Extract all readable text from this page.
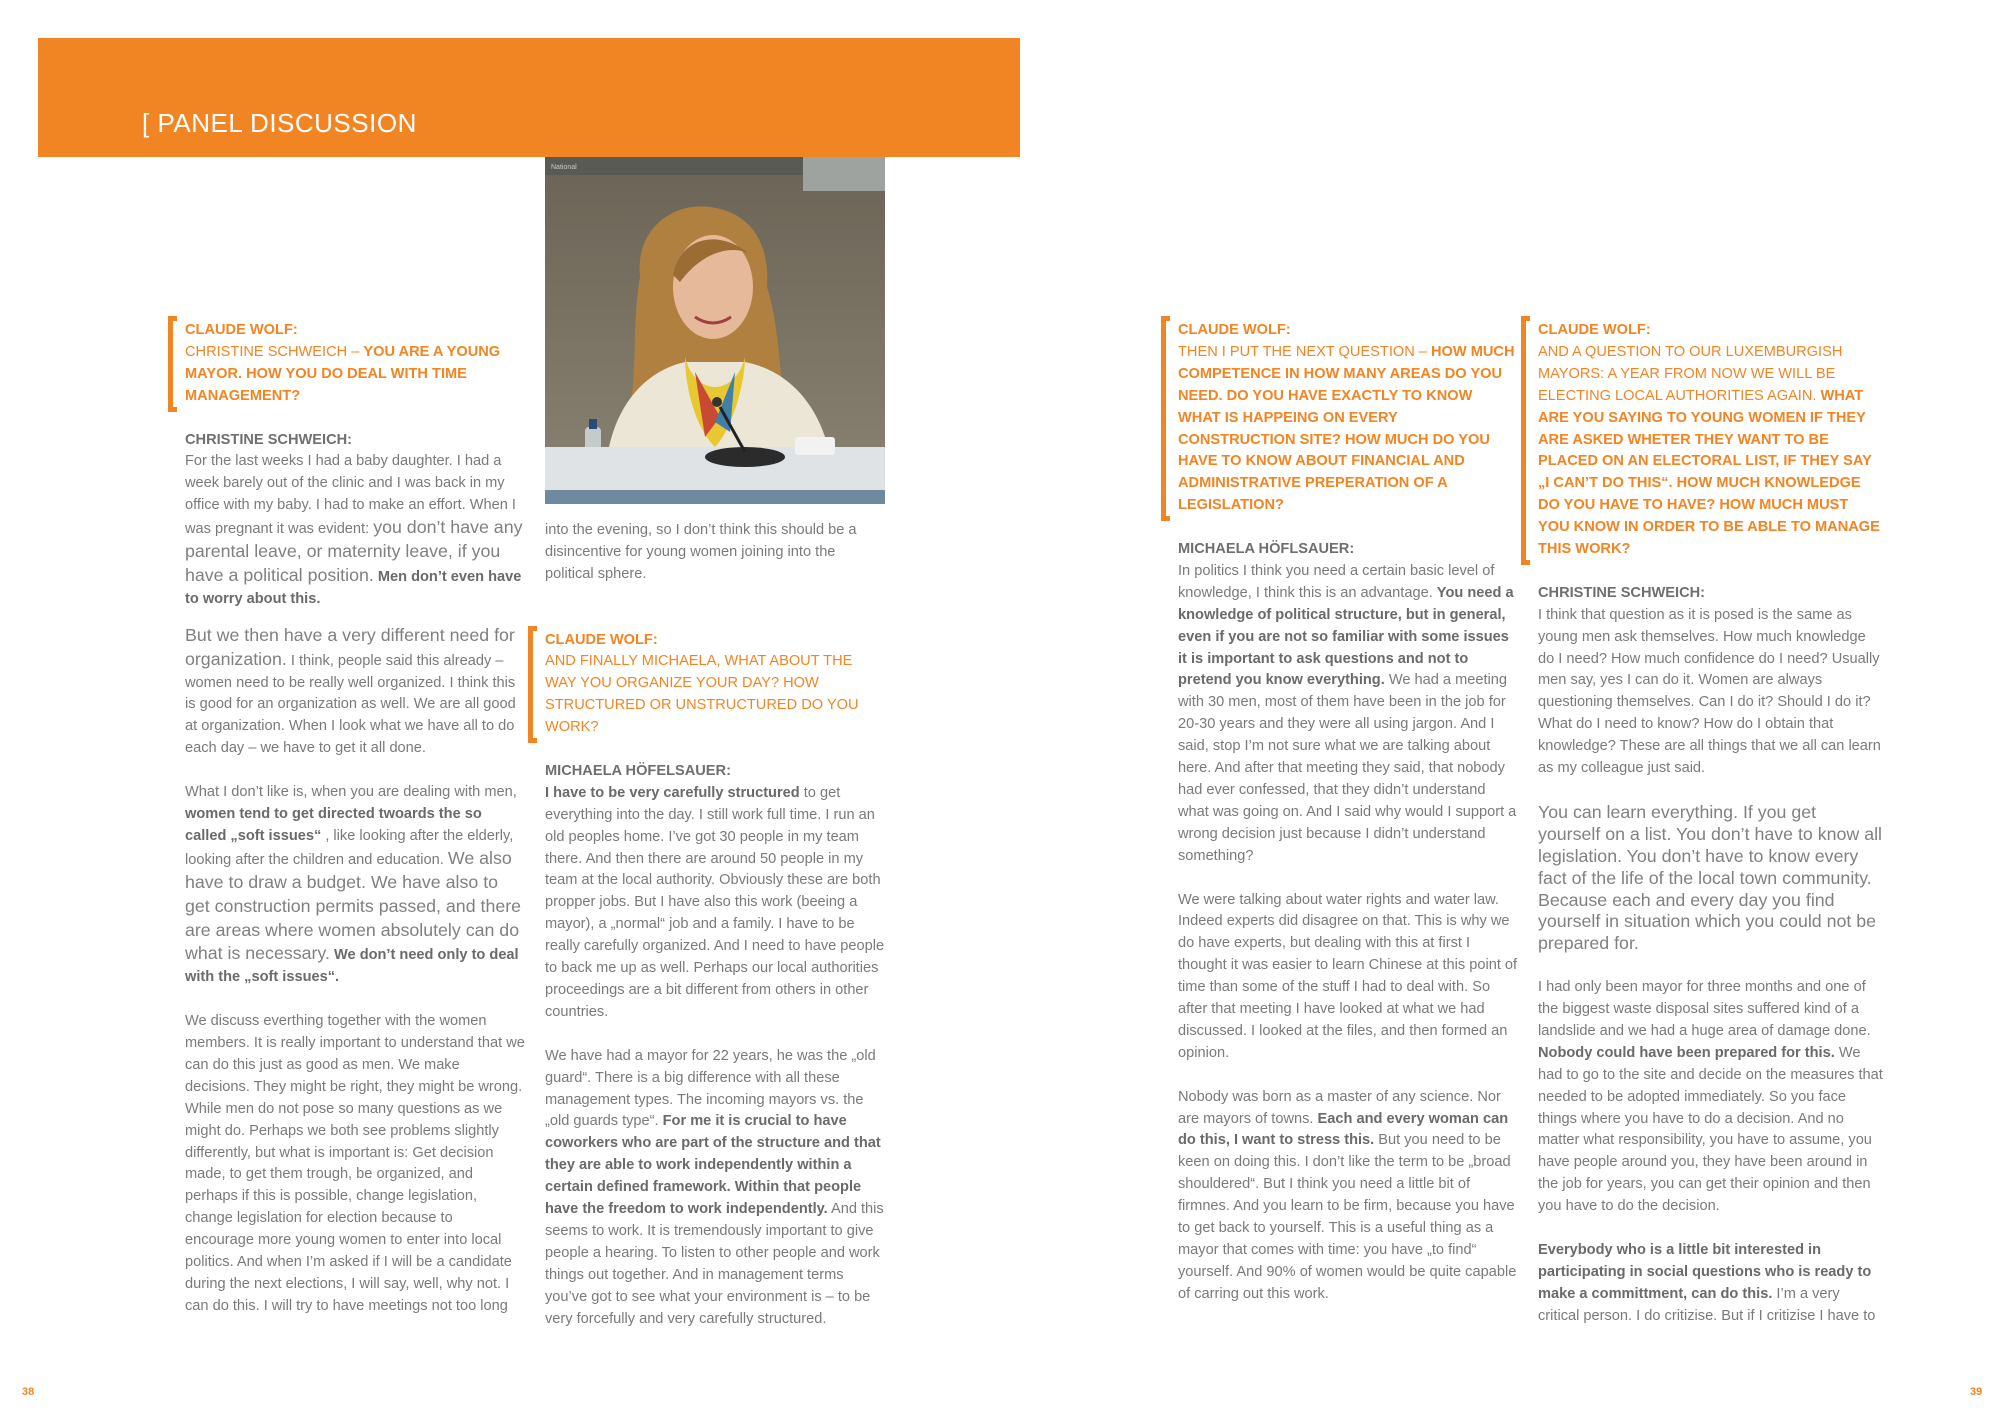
[ PANEL DISCUSSION
National

CLAUDE WOLF:

CHRISTINE SCHWEICH – YOU ARE A YOUNG MAYOR. HOW YOU DO DEAL WITH TIME MANAGEMENT?

CHRISTINE SCHWEICH:

For the last weeks I had a baby daughter. I had a week barely out of the clinic and I was back in my office with my baby. I had to make an effort. When I was pregnant it was evident: you don’t have any parental leave, or maternity leave, if you have a political position. Men don’t even have to worry about this.

But we then have a very different need for organization. I think, people said this already – women need to be really well organized. I think this is good for an organization as well. We are all good at organization. When I look what we have all to do each day – we have to get it all done.

What I don’t like is, when you are dealing with men, women tend to get directed twoards the so called „soft issues“ , like looking after the elderly, looking after the children and education. We also have to draw a budget. We have also to get construction permits passed, and there are areas where women absolutely can do what is necessary. We don’t need only to deal with the „soft issues“.

We discuss everthing together with the women members. It is really important to understand that we can do this just as good as men. We make decisions. They might be right, they might be wrong. While men do not pose so many questions as we might do. Perhaps we both see problems slightly differently, but what is important is: Get decision made, to get them trough, be organized, and perhaps if this is possible, change legislation, change legislation for election because to encourage more young women to enter into local politics. And when I’m asked if I will be a candidate during the next elections, I will say, well, why not. I can do this. I will try to have meetings not too long

into the evening, so I don’t think this should be a disincentive for young women joining into the political sphere.

CLAUDE WOLF:

AND FINALLY MICHAELA, WHAT ABOUT THE WAY YOU ORGANIZE YOUR DAY? HOW STRUCTURED OR UNSTRUCTURED DO YOU WORK?

MICHAELA HÖFELSAUER:

I have to be very carefully structured to get everything into the day. I still work full time. I run an old peoples home. I’ve got 30 people in my team there. And then there are around 50 people in my team at the local authority. Obviously these are both propper jobs. But I have also this work (beeing a mayor), a „normal“ job and a family. I have to be really carefully organized. And I need to have people to back me up as well. Perhaps our local authorities proceedings are a bit different from others in other countries.

We have had a mayor for 22 years, he was the „old guard“. There is a big difference with all these management types. The incoming mayors vs. the „old guards type“. For me it is crucial to have coworkers who are part of the structure and that they are able to work independently within a certain defined framework. Within that people have the freedom to work independently. And this seems to work. It is tremendously important to give people a hearing. To listen to other people and work things out together. And in management terms you’ve got to see what your environment is – to be very forcefully and very carefully structured.

CLAUDE WOLF:

THEN I PUT THE NEXT QUESTION – HOW MUCH COMPETENCE IN HOW MANY AREAS DO YOU NEED. DO YOU HAVE EXACTLY TO KNOW WHAT IS HAPPEING ON EVERY CONSTRUCTION SITE? HOW MUCH DO YOU HAVE TO KNOW ABOUT FINANCIAL AND ADMINISTRATIVE PREPERATION OF A LEGISLATION?

MICHAELA HÖFLSAUER:

In politics I think you need a certain basic level of knowledge, I think this is an advantage. You need a knowledge of political structure, but in general, even if you are not so familiar with some issues it is important to ask questions and not to pretend you know everything. We had a meeting with 30 men, most of them have been in the job for 20-30 years and they were all using jargon. And I said, stop I’m not sure what we are talking about here. And after that meeting they said, that nobody had ever confessed, that they didn’t understand what was going on. And I said why would I support a wrong decision just because I didn’t understand something?

We were talking about water rights and water law. Indeed experts did disagree on that. This is why we do have experts, but dealing with this at first I thought it was easier to learn Chinese at this point of time than some of the stuff I had to deal with. So after that meeting I have looked at what we had discussed. I looked at the files, and then formed an opinion.

Nobody was born as a master of any science. Nor are mayors of towns. Each and every woman can do this, I want to stress this. But you need to be keen on doing this. I don’t like the term to be „broad shouldered“. But I think you need a little bit of firmnes. And you learn to be firm, because you have to get back to yourself. This is a useful thing as a mayor that comes with time: you have „to find“ yourself. And 90% of women would be quite capable of carring out this work.

CLAUDE WOLF:

AND A QUESTION TO OUR LUXEMBURGISH MAYORS: A YEAR FROM NOW WE WILL BE ELECTING LOCAL AUTHORITIES AGAIN. WHAT ARE YOU SAYING TO YOUNG WOMEN IF THEY ARE ASKED WHETER THEY WANT TO BE PLACED ON AN ELECTORAL LIST, IF THEY SAY „I CAN’T DO THIS“. HOW MUCH KNOWLEDGE DO YOU HAVE TO HAVE? HOW MUCH MUST YOU KNOW IN ORDER TO BE ABLE TO MANAGE THIS WORK?

CHRISTINE SCHWEICH:

I think that question as it is posed is the same as young men ask themselves. How much knowledge do I need? How much confidence do I need? Usually men say, yes I can do it. Women are always questioning themselves. Can I do it? Should I do it? What do I need to know? How do I obtain that knowledge? These are all things that we all can learn as my colleague just said.

You can learn everything. If you get yourself on a list. You don’t have to know all legislation. You don’t have to know every fact of the life of the local town community. Because each and every day you find yourself in situation which you could not be prepared for.

I had only been mayor for three months and one of the biggest waste disposal sites suffered kind of a landslide and we had a huge area of damage done. Nobody could have been prepared for this. We had to go to the site and decide on the measures that needed to be adopted immediately. So you face things where you have to do a decision. And no matter what responsibility, you have to assume, you have people around you, they have been around in the job for years, you can get their opinion and then you have to do the decision.

Everybody who is a little bit interested in participating in social questions who is ready to make a committment, can do this. I’m a very critical person. I do critizise. But if I critizise I have to

38	39
